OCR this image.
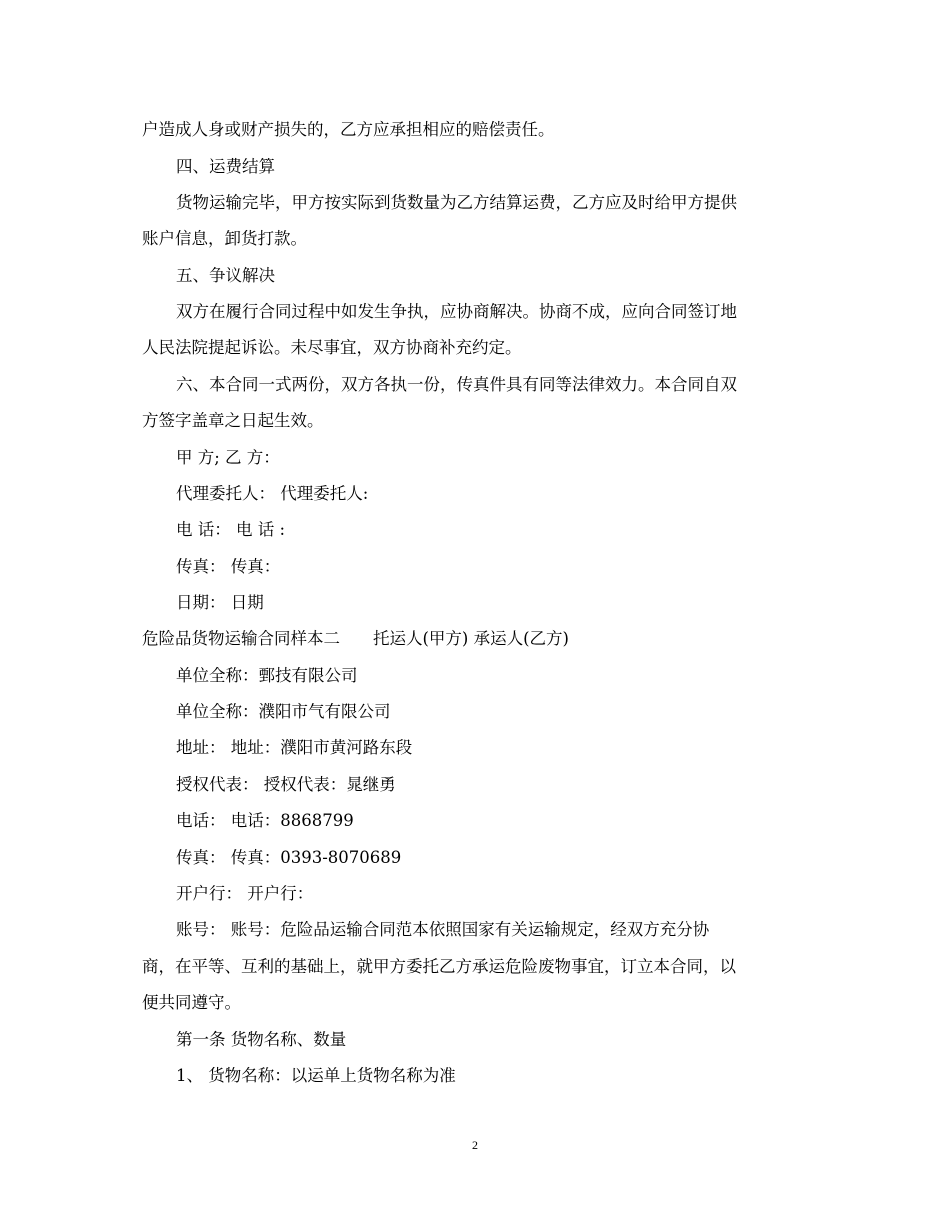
户造成人身或财产损失的，乙方应承担相应的赔偿责任。
四、运费结算
货物运输完毕，甲方按实际到货数量为乙方结算运费，乙方应及时给甲方提供
账户信息，卸货打款。
五、争议解决
双方在履行合同过程中如发生争执，应协商解决。协商不成，应向合同签订地
人民法院提起诉讼。未尽事宜，双方协商补充约定。
六、本合同一式两份，双方各执一份，传真件具有同等法律效力。本合同自双
方签字盖章之日起生效。
甲 方; 乙 方：
代理委托人： 代理委托人:
电 话： 电 话 :
传真： 传真：
日期： 日期
危险品货物运输合同样本二　　托运人(甲方) 承运人(乙方)
单位全称：鄄技有限公司
单位全称：濮阳市气有限公司
地址： 地址：濮阳市黄河路东段
授权代表： 授权代表：晁继勇
电话： 电话：8868799
传真： 传真：0393-8070689
开户行： 开户行：
账号： 账号：危险品运输合同范本依照国家有关运输规定，经双方充分协
商，在平等、互利的基础上，就甲方委托乙方承运危险废物事宜，订立本合同，以
便共同遵守。
第一条 货物名称、数量
1、 货物名称：以运单上货物名称为准
2
